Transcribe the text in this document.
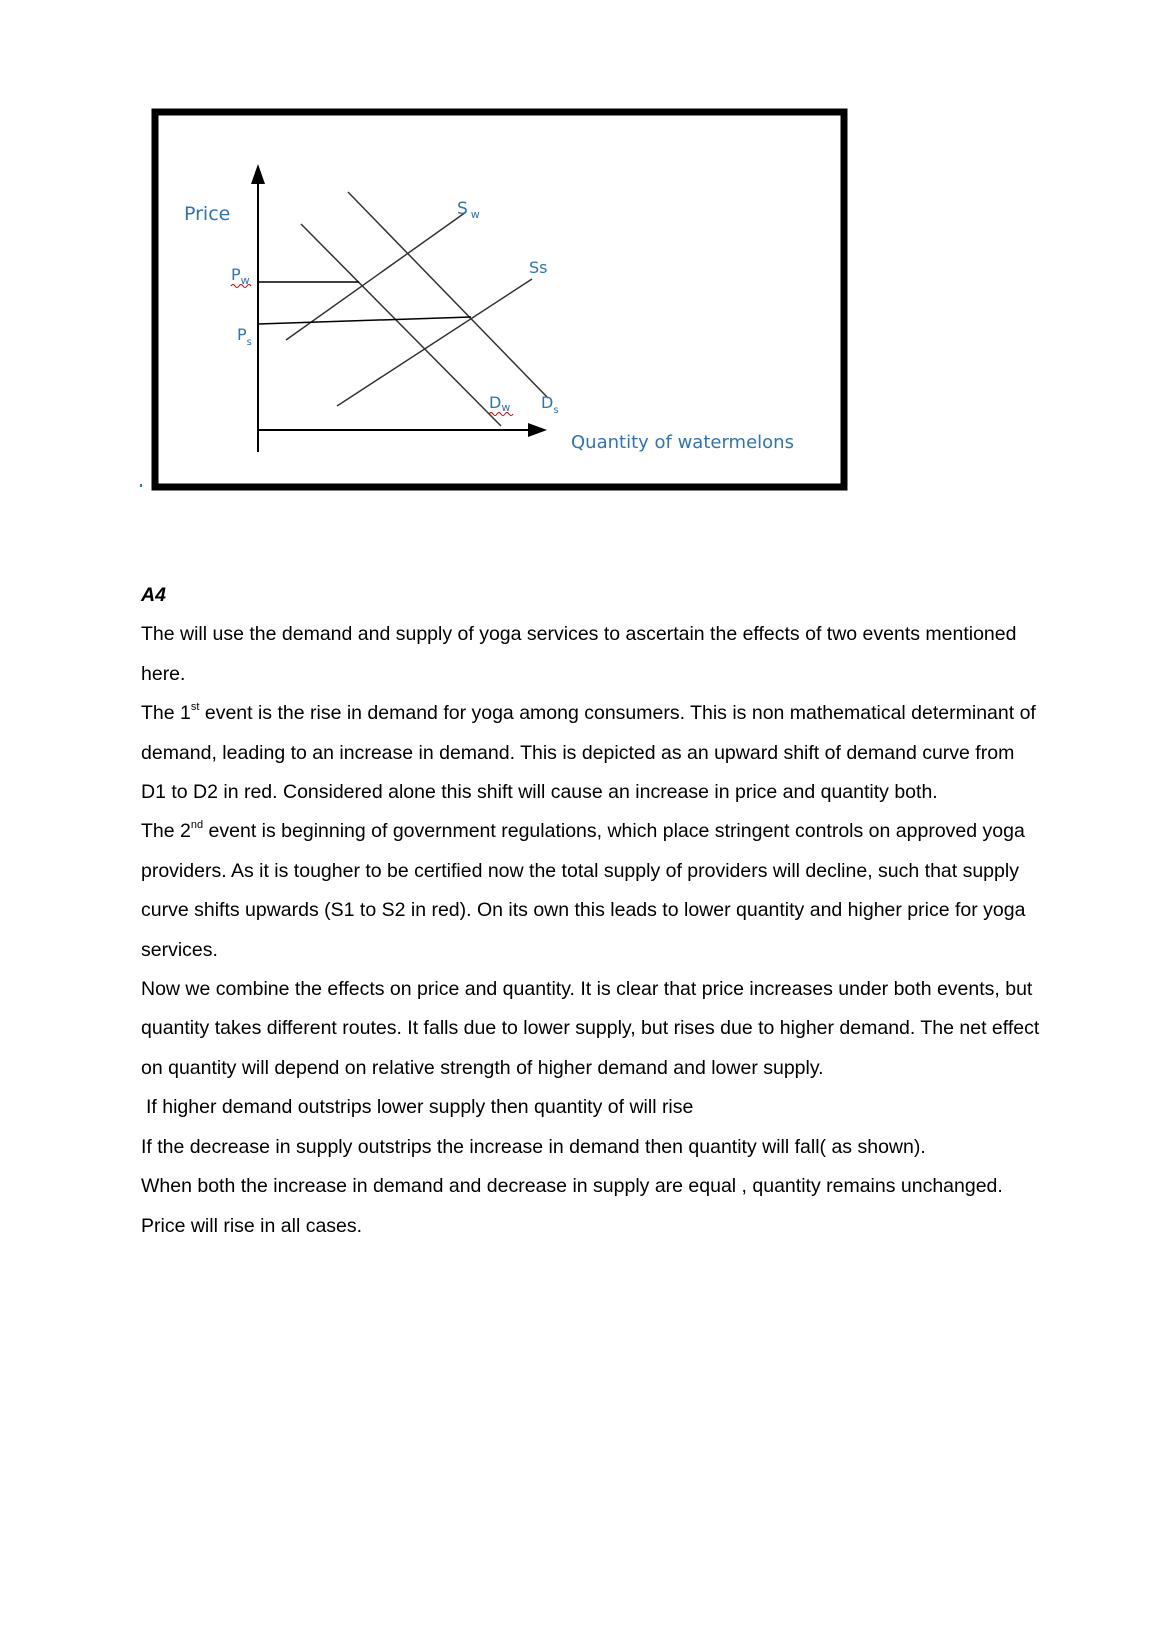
Price	S $_w$
Ss
$P_w$
$P_s$
Dw $D_s$
Quantity of watermelons

A4

The will use the demand and supply of yoga services to ascertain the effects of two events mentioned here.

The 1st event is the rise in demand for yoga among consumers. This is non mathematical determinant of demand, leading to an increase in demand. This is depicted as an upward shift of demand curve from D1 to D2 in red. Considered alone this shift will cause an increase in price and quantity both.

The 2nd event is beginning of government regulations, which place stringent controls on approved yoga providers. As it is tougher to be certified now the total supply of providers will decline, such that supply curve shifts upwards (S1 to S2 in red). On its own this leads to lower quantity and higher price for yoga services.

Now we combine the effects on price and quantity. It is clear that price increases under both events, but quantity takes different routes. It falls due to lower supply, but rises due to higher demand. The net effect on quantity will depend on relative strength of higher demand and lower supply.

If higher demand outstrips lower supply then quantity of will rise

If the decrease in supply outstrips the increase in demand then quantity will fall( as shown).

When both the increase in demand and decrease in supply are equal , quantity remains unchanged.

Price will rise in all cases.
